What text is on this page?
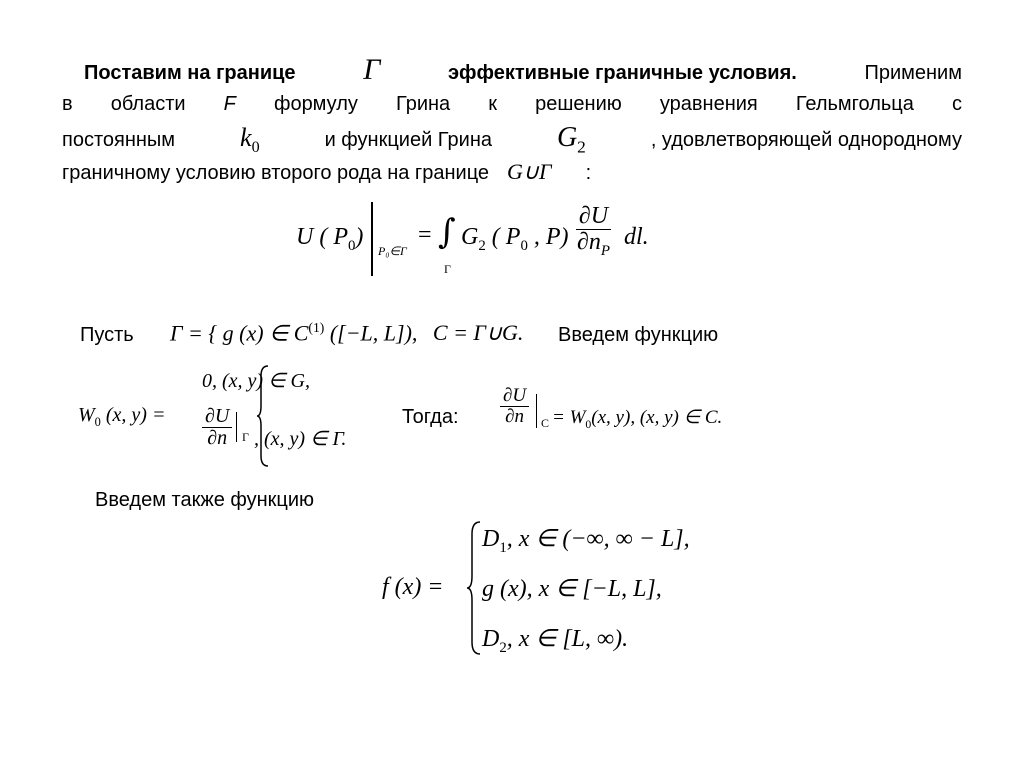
Поставим на границе Γ	эффективные граничные условия.	Применим
в области F формулу Грина к решению уравнения Гельмгольца с
постоянным $k_0$	и функцией Грина $G_2$	, удовлетворяющей однородному
граничному условию второго рода на границе G∪Γ :
U ( $P_0$)
P₀∈Γ
= ∫
Γ
$G_2$ ( $P_0$ , $P) \frac{\partial U}{\partial n_P}$ dl.
Пусть Γ = { g (x) ∈ $C^{(1)}$ ([−L, L]), C = Γ∪G. Введем функцию
$W_0$ (x, y) =
0, (x, y) ∈ G,
$\frac{\partial U}{\partial n}$ Γ , (x, y) ∈ Γ.
Тогда: $\frac{\partial U}{\partial n}$ $C = W_0(x$, y), (x, y) ∈ C.
Введем также функцию
f (x) =
$D_1$, x ∈ (−∞, ∞ − L],
g (x), x ∈ [−L, L],
$D_2$, x ∈ [L, ∞).
